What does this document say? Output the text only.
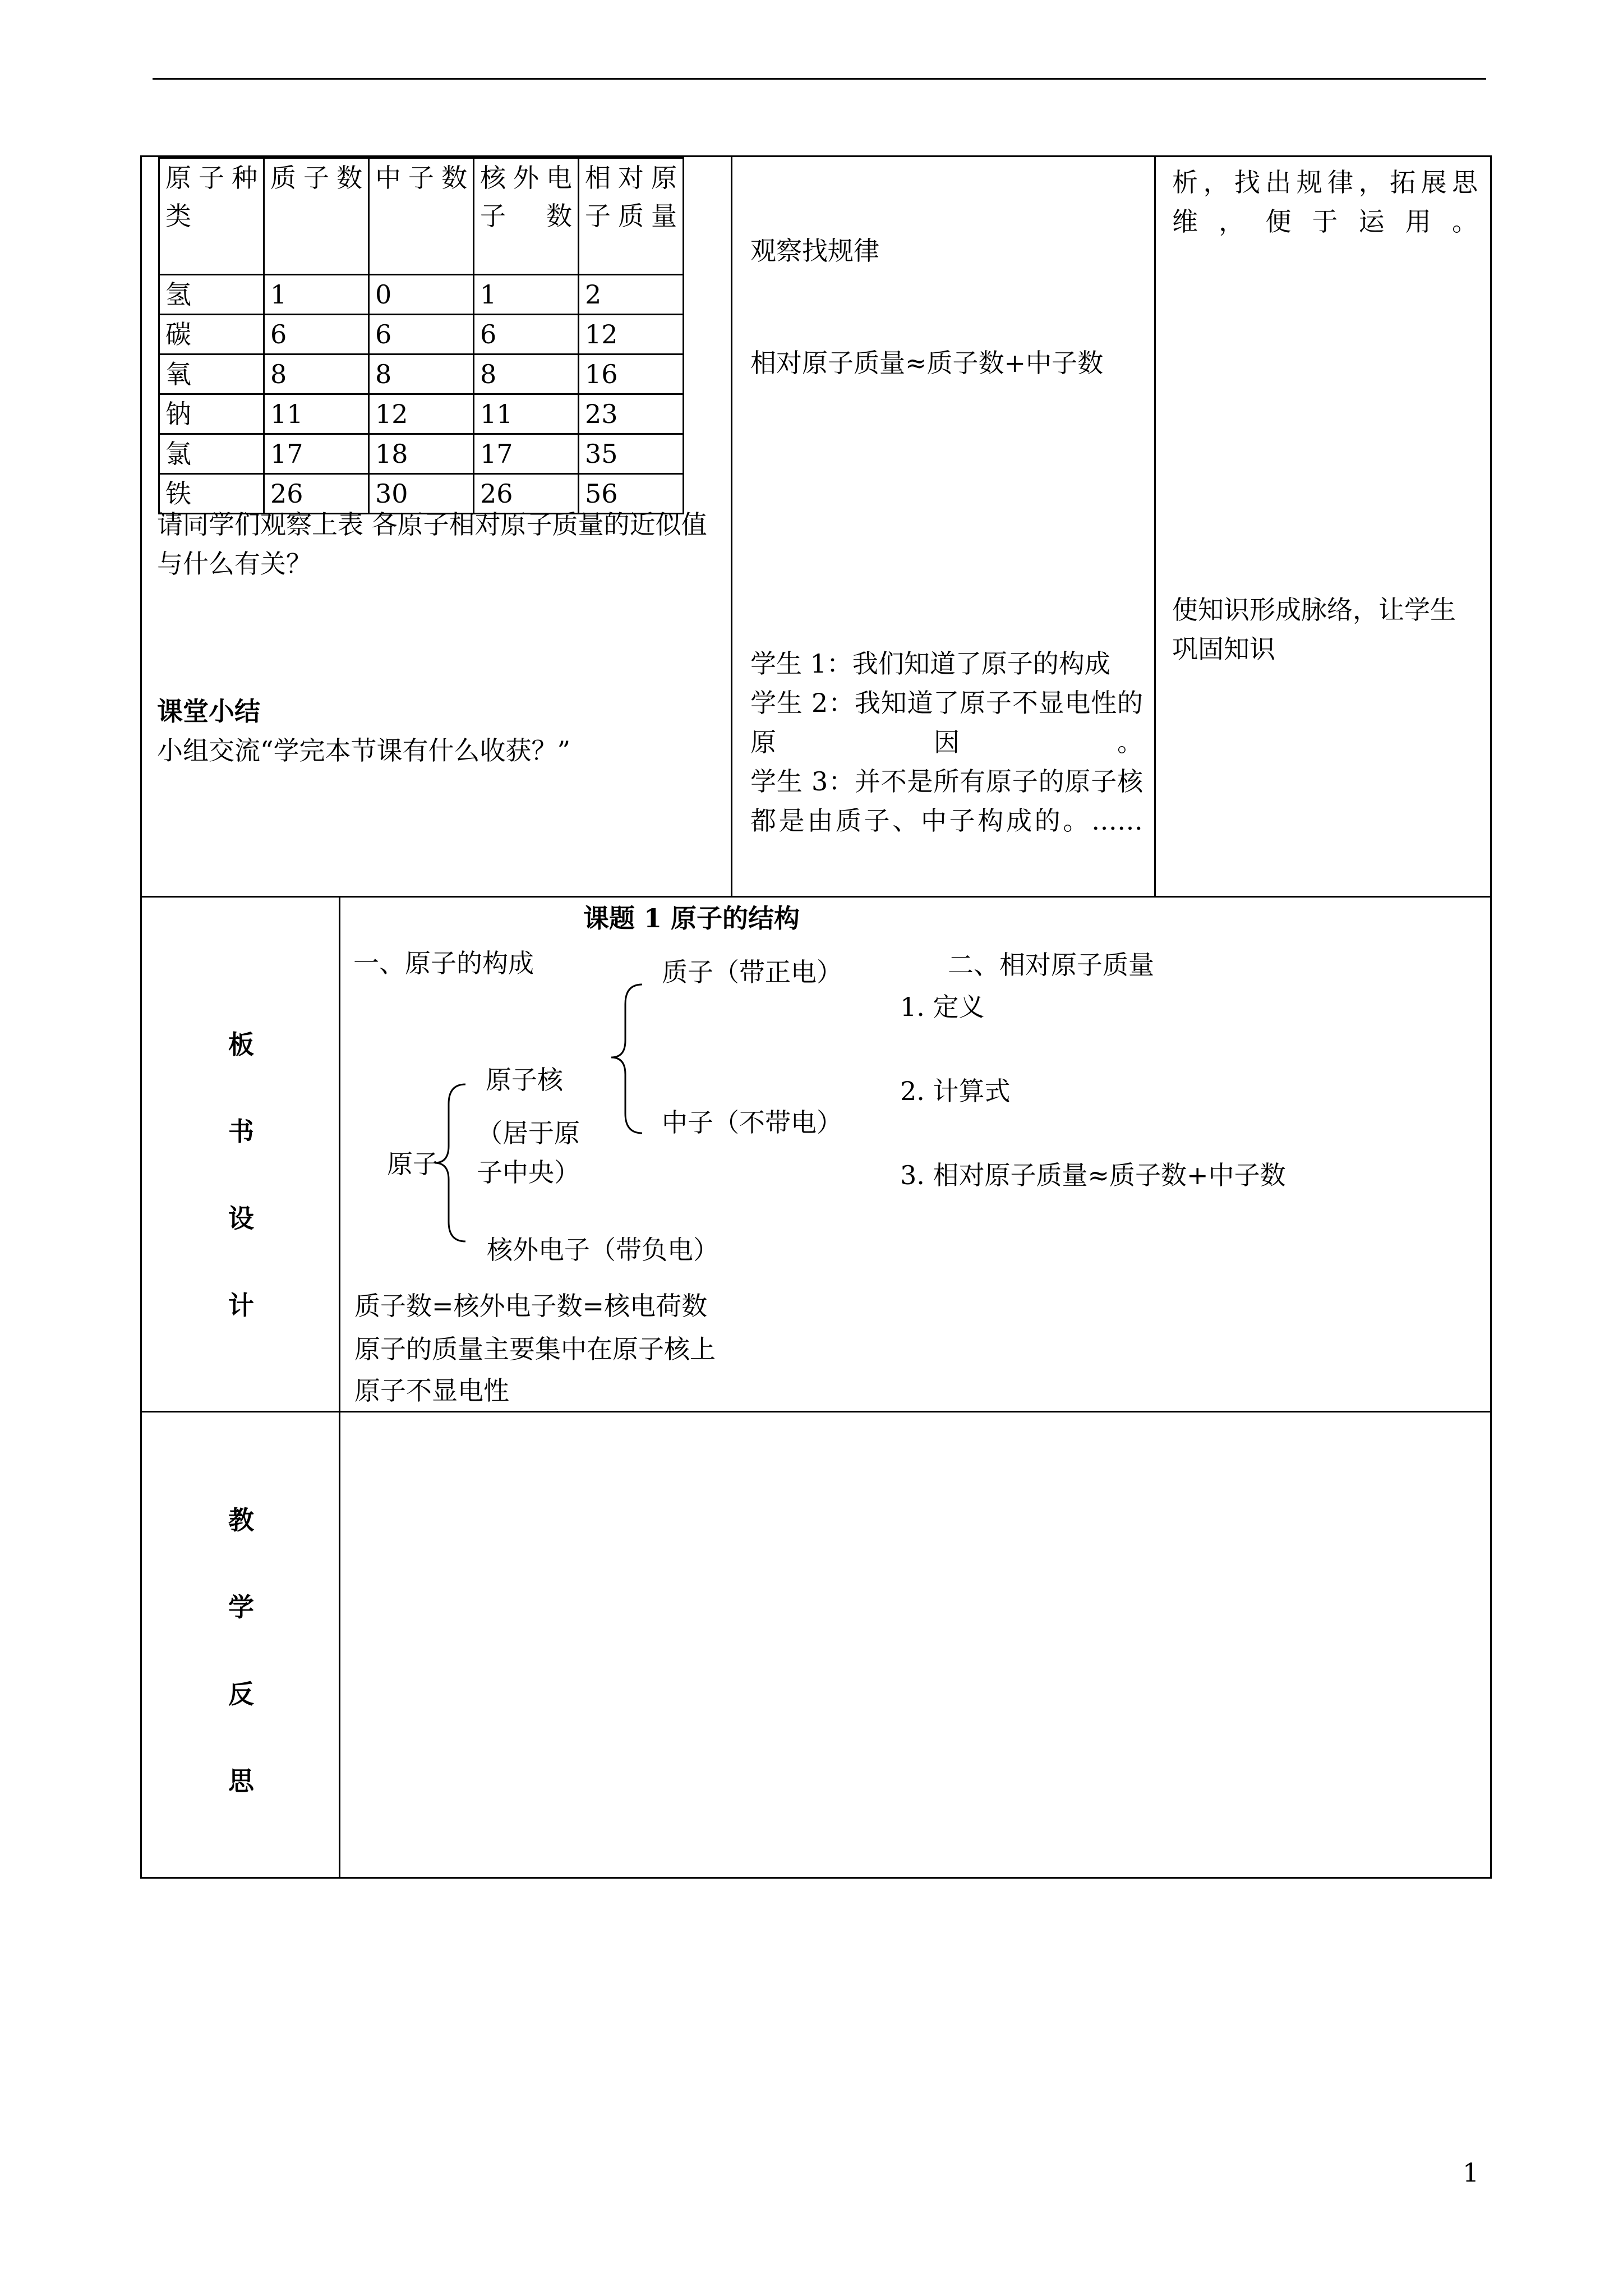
原子种类	质子数	中子数	核外电子数	相对原子质量

氢	1	0	1	2
碳	6	6	6	12
氧	8	8	8	16
钠	11	12	11	23
氯	17	18	17	35
铁	26	30	26	56
请同学们观察上表 各原子相对原子质量的近似值与什么有关？
课堂小结
小组交流“学完本节课有什么收获？”
观察找规律
相对原子质量≈质子数+中子数
学生 1：我们知道了原子的构成
学生 2：我知道了原子不显电性的原因。
学生 3：并不是所有原子的原子核都是由质子、中子构成的。……
析，找出规律，拓展思维，便于运用。
使知识形成脉络，让学生巩固知识
板书设计
课题 1 原子的结构
一、原子的构成	质子（带正电）	二、相对原子质量
1. 定义
原子核	2. 计算式
中子（不带电）
（居于原子中央）
原子	3. 相对原子质量≈质子数+中子数
核外电子（带负电）
质子数=核外电子数=核电荷数
原子的质量主要集中在原子核上
原子不显电性
教学反思
1
